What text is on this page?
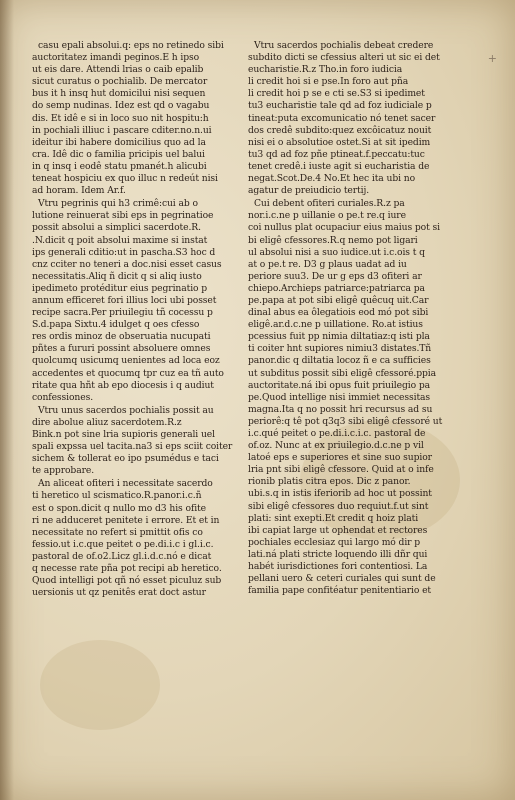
+
casu epali absolui.q: eps no retinedo sibi
auctoritatez imandi peginos.E h ipso
ut eis dare. Attendi lrias o caib epalib
sicut curatus o pochialib. De mercator
bus it h insq hut domicilui nisi sequen
do semp nudinas. Idez est qd o vagabu
dis. Et idê e si in loco suo nit hospitu:h
in pochiali illiuc i pascare cditer.no.n.ui
ideitur ibi habere domicilius quo ad la
cra. Idê dic o familia pricipis uel balui
in q insq i eodê statu pmanét.h alicubi
teneat hospiciu ex quo illuc n redeút nisi
ad horam. Idem Ar.f.
Vtru pegrinis qui h3 crimê:cui ab o
lutione reinuerat sibi eps in pegrinatioe
possit absolui a simplici sacerdote.R.
.N.dicit q poit absolui maxime si instat
ips generali cditio:ut in pascha.S3 hoc d
cnz cciter no teneri a doc.nisi esset casus
necessitatis.Aliq ñ dicit q si aliq iusto
ipedimeto protéditur eius pegrinatio p
annum efficeret fori illius loci ubi posset
recipe sacra.Per priuilegiu tñ cocessu p
S.d.papa Sixtu.4 idulget q oes cfesso
res ordis minoz de obseruatia nucupati
pñtes a fururi possint absoluere omnes
quolcumq usicumq uenientes ad loca eoz
accedentes et quocumq tpr cuz ea tñ auto
ritate qua hñt ab epo diocesis i q audiut
confessiones.
Vtru unus sacerdos pochialis possit au
dire abolue aliuz sacerdotem.R.z
Bink.n pot sine lria supioris generali uel
spali expssa uel tacita.na3 si eps sciit coiter
sichem & tollerat eo ipo psumédus e taci
te approbare.
An aliceat ofiteri i necessitate sacerdo
ti heretico ul scismatico.R.panor.i.c.ñ
est o spon.dicit q nullo mo d3 his ofite
ri ne adduceret penitete i errore. Et et in
necessitate no refert si pmittit ofis co
fessio.ut i.c.que peitet o pe.di.i.c i gl.i.c.
pastoral de of.o2.Licz gl.i.d.c.nó e dicat
q necesse rate pña pot recipi ab heretico.
Quod intelligi pot qñ nó esset piculuz sub
uersionis ut qz penitês erat doct astur
Vtru sacerdos pochialis debeat credere
subdito dicti se cfessius alteri ut sic ei det
eucharistie.R.z Tho.in foro iudicia
li credit hoi si e pse.In foro aut pña
li credit hoi p se e cti se.S3 si ipedimet
tu3 eucharistie tale qd ad foz iudiciale p
tineat:puta excomunicatio nó tenet sacer
dos credê subdito:quez excôicatuz nouit
nisi ei o absolutioe ostet.Si at sit ipedim
tu3 qd ad foz pñe ptineat.f.peccatu:tuc
tenet credê.i iuste agit si eucharistia de
negat.Scot.De.4 No.Et hec ita ubi no
agatur de preiudicio tertij.
Cui debent ofiteri curiales.R.z pa
nor.i.c.ne p uillanie o pe.t re.q iure
coi nullus plat ocupaciur eius maius pot si
bi eligê cfessores.R.q nemo pot ligari
ul absolui nisi a suo iudice.ut i.c.ois t q
at o pe.t re. D3 g plaus uadat ad iu
periore suu3. De ur g eps d3 ofiteri ar
chiepo.Archieps patriarce:patriarca pa
pe.papa at pot sibi eligê quêcuq uit.Car
dinal abus ea ôlegatiois eod mó pot sibi
eligê.ar.d.c.ne p uillatione. Ro.at istius
pcessius fuit pp nimia diltatiaz:q isti pla
ti coiter hnt supiores nimiu3 distates.Tñ
panor.dic q diltatia locoz ñ e ca sufficies
ut subditus possit sibi eligê cfessoré.ppia
auctoritate.ná ibi opus fuit priuilegio pa
pe.Quod intellige nisi immiet necessitas
magna.Ita q no possit hri recursus ad su
periorê:q tê pot q3q3 sibi eligê cfessoré ut
i.c.qué peitet o pe.di.i.c.i.c. pastoral de
of.oz. Nunc at ex priuilegio.d.c.ne p vil
latoé eps e superiores et sine suo supior
lria pnt sibi eligê cfessore. Quid at o infe
rionib platis citra epos. Dic z panor.
ubi.s.q in istis iferiorib ad hoc ut possint
sibi eligê cfessores duo requiut.f.ut sint
plati: sint exepti.Et credit q hoiz plati
ibi capiat large ut ophendat et rectores
pochiales ecclesiaz qui largo mó dir p
lati.ná plati stricte loquendo illi dñr qui
habét iurisdictiones fori contentiosi. La
pellani uero & ceteri curiales qui sunt de
familia pape confitéatur penitentiario et
